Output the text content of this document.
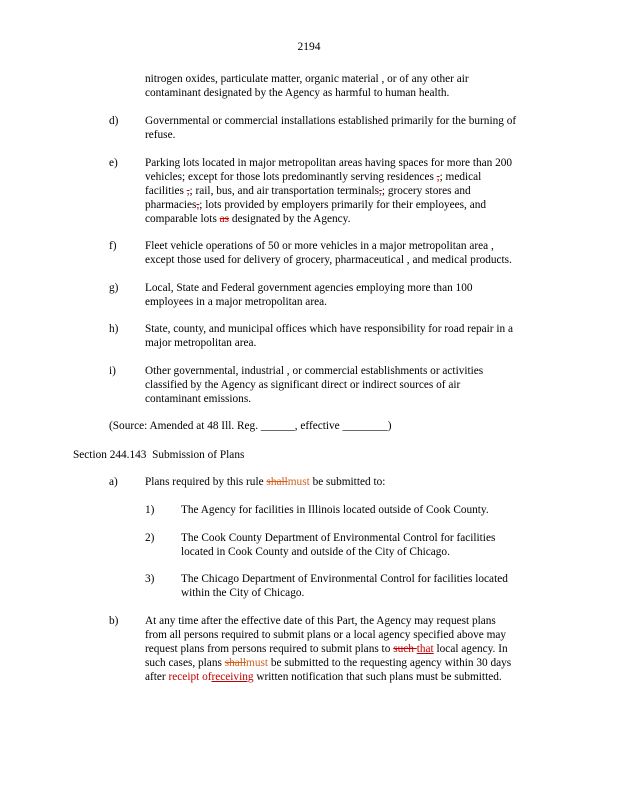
2194
nitrogen oxides, particulate matter, organic material , or of any other air
contaminant designated by the Agency as harmful to human health.
d) Governmental or commercial installations established primarily for the burning of
refuse.
e) Parking lots located in major metropolitan areas having spaces for more than 200
vehicles; except for those lots predominantly serving residences ,; medical
facilities ,; rail, bus, and air transportation terminals,; grocery stores and
pharmacies,; lots provided by employers primarily for their employees, and
comparable lots as designated by the Agency.
f)	Fleet vehicle operations of 50 or more vehicles in a major metropolitan area ,
except those used for delivery of grocery, pharmaceutical , and medical products.
g) Local, State and Federal government agencies employing more than 100
employees in a major metropolitan area.
h) State, county, and municipal offices which have responsibility for road repair in a
major metropolitan area.
i)	Other governmental, industrial , or commercial establishments or activities
classified by the Agency as significant direct or indirect sources of air
contaminant emissions.
(Source: Amended at 48 Ill. Reg. ______, effective ________)
Section 244.143 Submission of Plans
a) Plans required by this rule shallmust be submitted to:
1) The Agency for facilities in Illinois located outside of Cook County.
2) The Cook County Department of Environmental Control for facilities
located in Cook County and outside of the City of Chicago.
3) The Chicago Department of Environmental Control for facilities located
within the City of Chicago.
b) At any time after the effective date of this Part, the Agency may request plans
from all persons required to submit plans or a local agency specified above may
request plans from persons required to submit plans to such that local agency. In
such cases, plans shallmust be submitted to the requesting agency within 30 days
after receipt ofreceiving written notification that such plans must be submitted.
